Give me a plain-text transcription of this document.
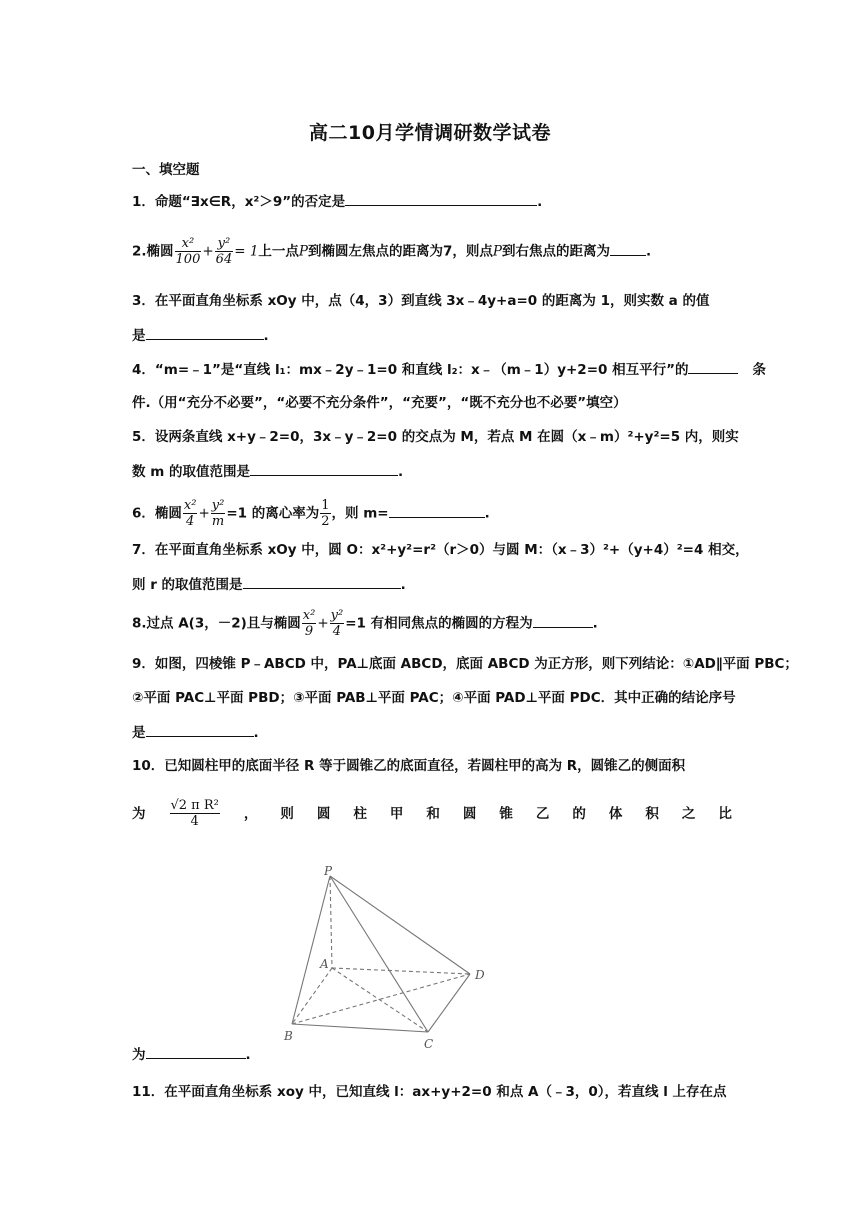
高二10月学情调研数学试卷
一、填空题
1．命题“∃x∈R，x²＞9”的否定是	.
2.椭圆 $\frac{\text{x²}}{100} + \frac{\text{y²}}{64} = 1$上一点P到椭圆左焦点的距离为7，则点P到右焦点的距离为	.
3．在平面直角坐标系 xOy 中，点（4，3）到直线 3x﹣4y+a=0 的距离为 1，则实数 a 的值
是	.
4．“m=﹣1”是“直线 l₁：mx﹣2y﹣1=0 和直线 l₂：x﹣（m﹣1）y+2=0 相互平行”的	条
件.（用“充分不必要”，“必要不充分条件”，“充要”，“既不充分也不必要”填空）
5．设两条直线 x+y﹣2=0，3x﹣y﹣2=0 的交点为 M，若点 M 在圆（x﹣m）²+y²=5 内，则实
数 m 的取值范围是	.
6．椭圆 $\frac{\text{x²}}{4} + \frac{\text{y²}}{m} =1$ 的离心率为 $\frac{1}{2}$ ，则 m=	.
7．在平面直角坐标系 xOy 中，圆 O：x²+y²=r²（r＞0）与圆 M：（x﹣3）²+（y+4）²=4 相交，
则 r 的取值范围是	.
8.过点 A(3，－2)且与椭圆 $\frac{\text{x²}}{9} + \frac{\text{y²}}{4} =1$ 有相同焦点的椭圆的方程为	.
9．如图，四棱锥 P﹣ABCD 中，PA⊥底面 ABCD，底面 ABCD 为正方形，则下列结论：①AD∥平面 PBC；
②平面 PAC⊥平面 PBD；③平面 PAB⊥平面 PAC；④平面 PAD⊥平面 PDC．其中正确的结论序号
是	.
10．已知圆柱甲的底面半径 R 等于圆锥乙的底面直径，若圆柱甲的高为 R，圆锥乙的侧面积
为 $\frac{\text{√2 π R²}}{4}$ ， 则 圆 柱 甲 和 圆 锥 乙 的 体 积 之 比
P
A
D
B
C
为	.
11．在平面直角坐标系 xoy 中，已知直线 l：ax+y+2=0 和点 A（﹣3，0），若直线 l 上存在点
